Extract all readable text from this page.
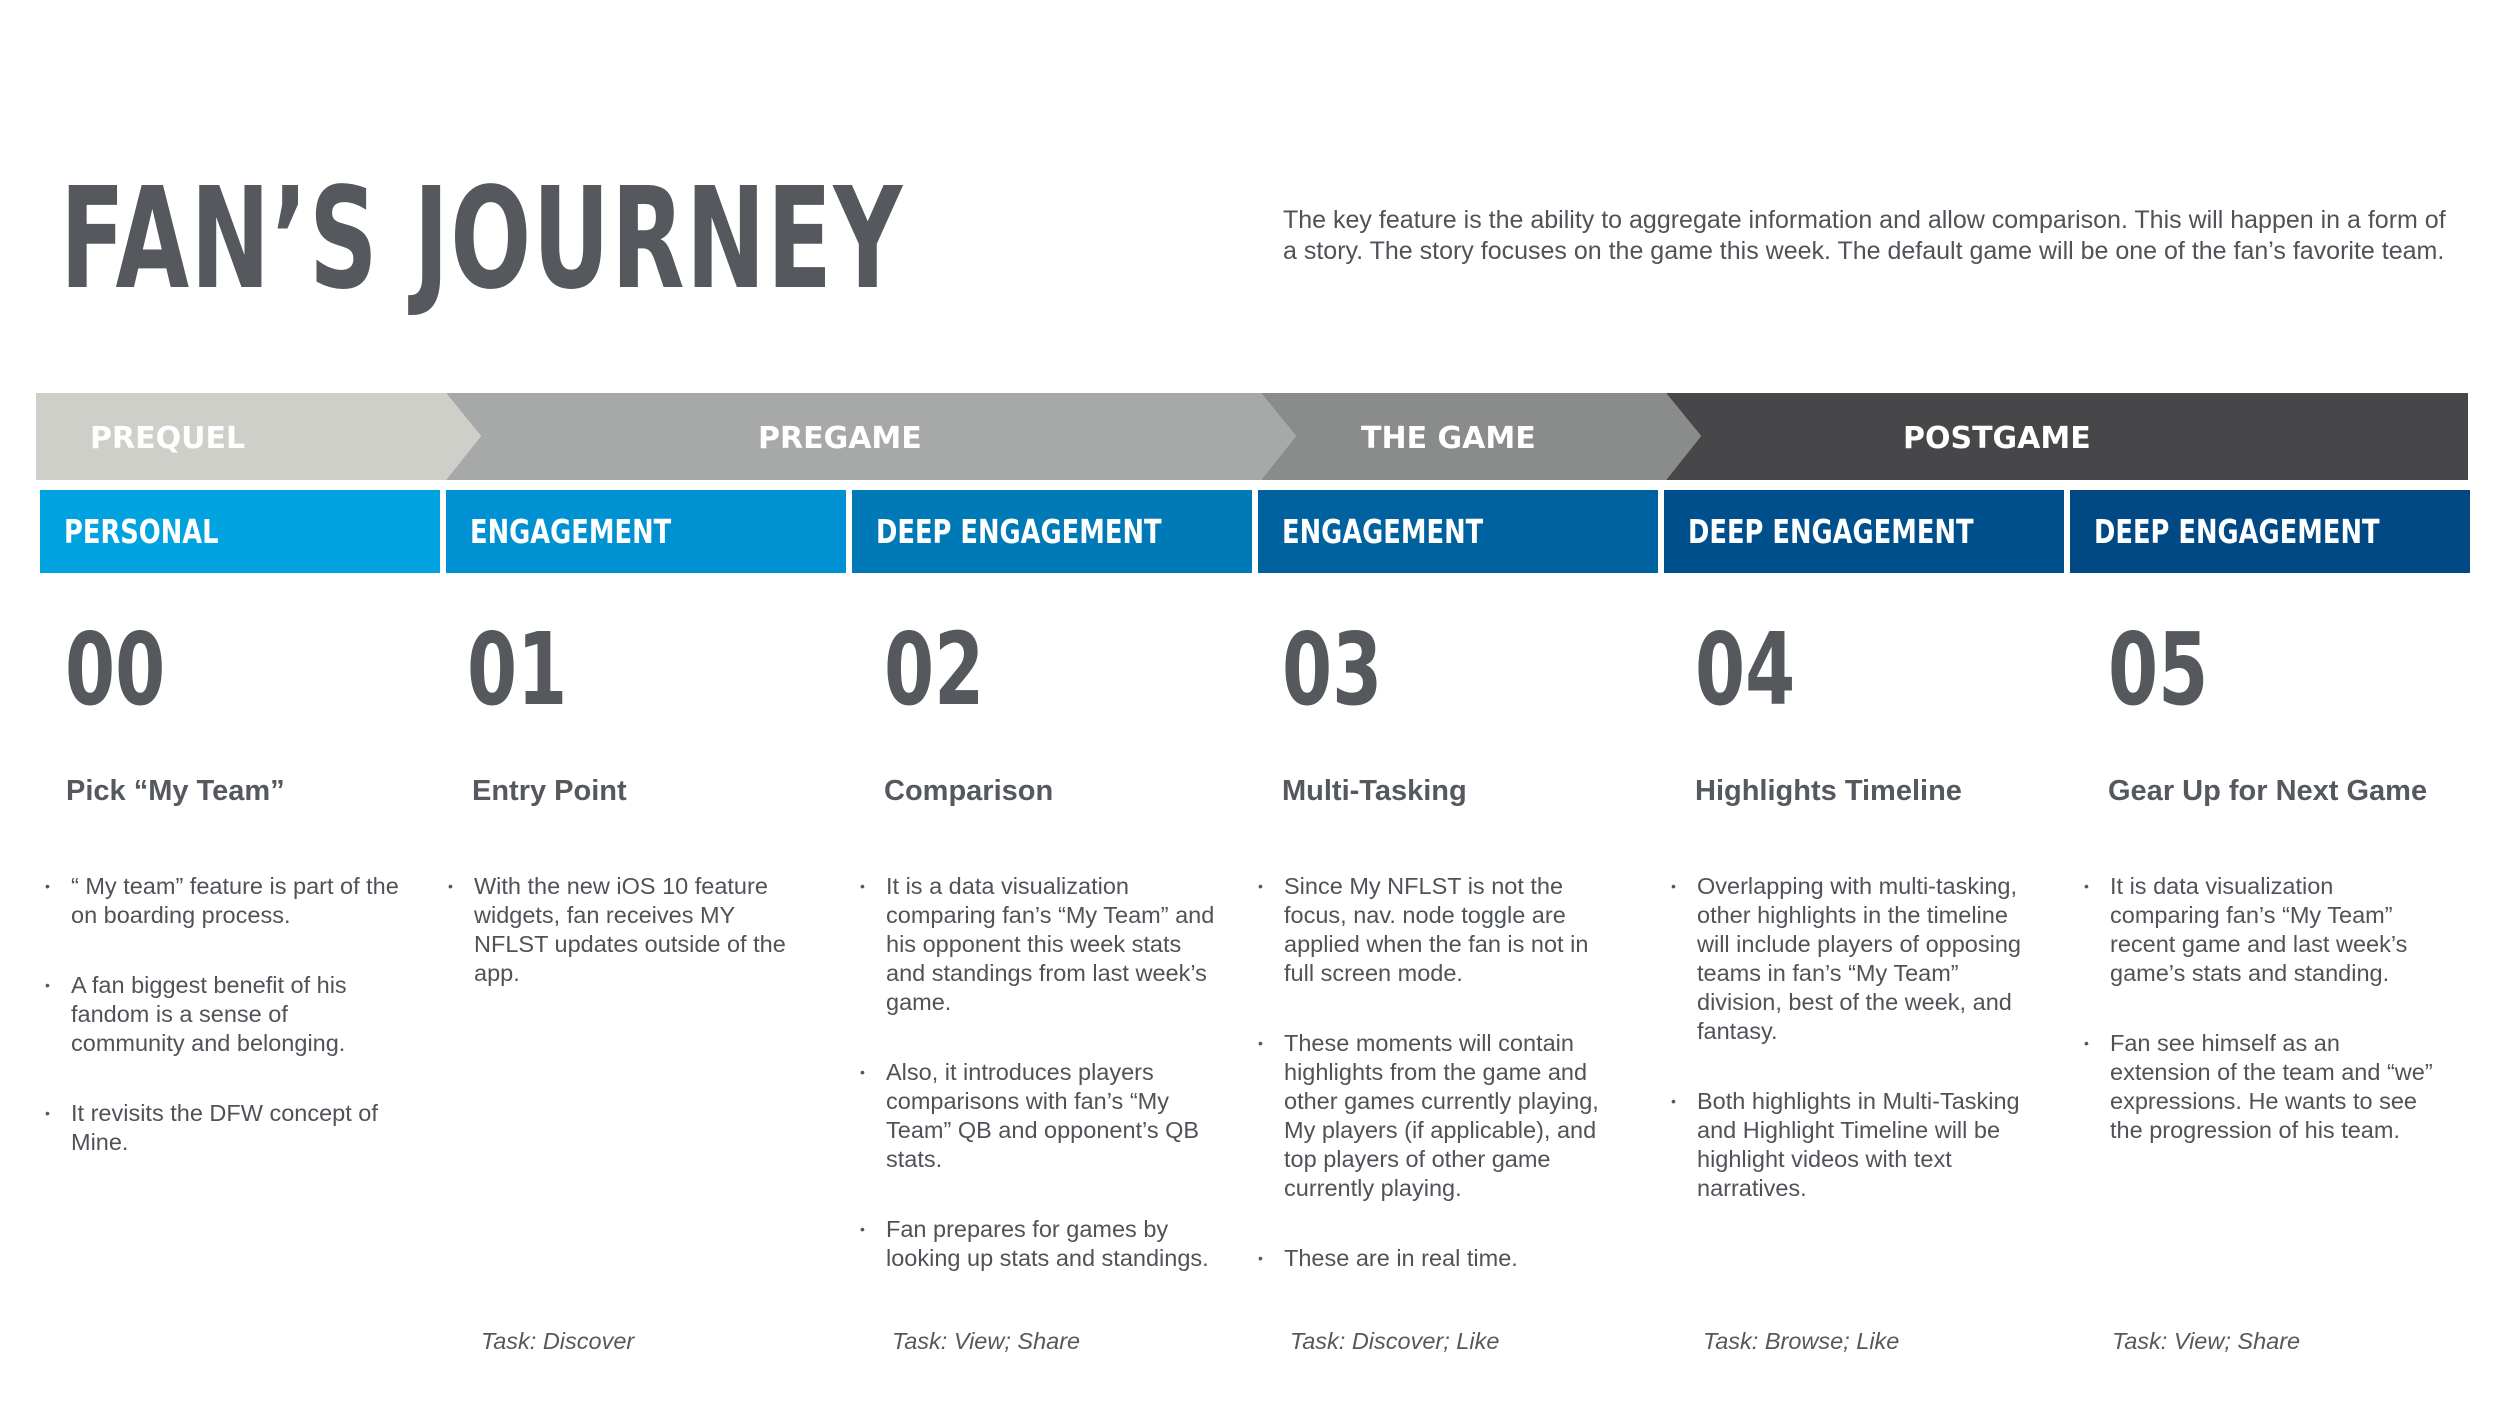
FAN’S JOURNEY	The key feature is the ability to aggregate information and allow comparison. This will happen in a form of a story. The story focuses on the game this week. The default game will be one of the fan’s favorite team.

PREQUEL	PREGAME	THE GAME	POSTGAME
PERSONAL	ENGAGEMENT	DEEP ENGAGEMENT	ENGAGEMENT	DEEP ENGAGEMENT	DEEP ENGAGEMENT
00
Pick “My Team”
• “ My team” feature is part of the on boarding process.
• A fan biggest benefit of his fandom is a sense of community and belonging.
• It revisits the DFW concept of Mine.
01
Entry Point
• With the new iOS 10 feature widgets, fan receives MY NFLST updates outside of the app.
Task: Discover
02
Comparison
• It is a data visualization comparing fan’s “My Team” and his opponent this week stats and standings from last week’s game.
• Also, it introduces players comparisons with fan’s “My Team” QB and opponent’s QB stats.
• Fan prepares for games by looking up stats and standings.
Task: View; Share
03
Multi-Tasking
• Since My NFLST is not the focus, nav. node toggle are applied when the fan is not in full screen mode.
• These moments will contain highlights from the game and other games currently playing, My players (if applicable), and top players of other game currently playing.
• These are in real time.
Task: Discover; Like
04
Highlights Timeline
• Overlapping with multi-tasking, other highlights in the timeline will include players of opposing teams in fan’s “My Team” division, best of the week, and fantasy.
• Both highlights in Multi-Tasking and Highlight Timeline will be highlight videos with text narratives.
Task: Browse; Like
05
Gear Up for Next Game
• It is data visualization comparing fan’s “My Team” recent game and last week’s game’s stats and standing.
• Fan see himself as an extension of the team and “we” expressions. He wants to see the progression of his team.
Task: View; Share
